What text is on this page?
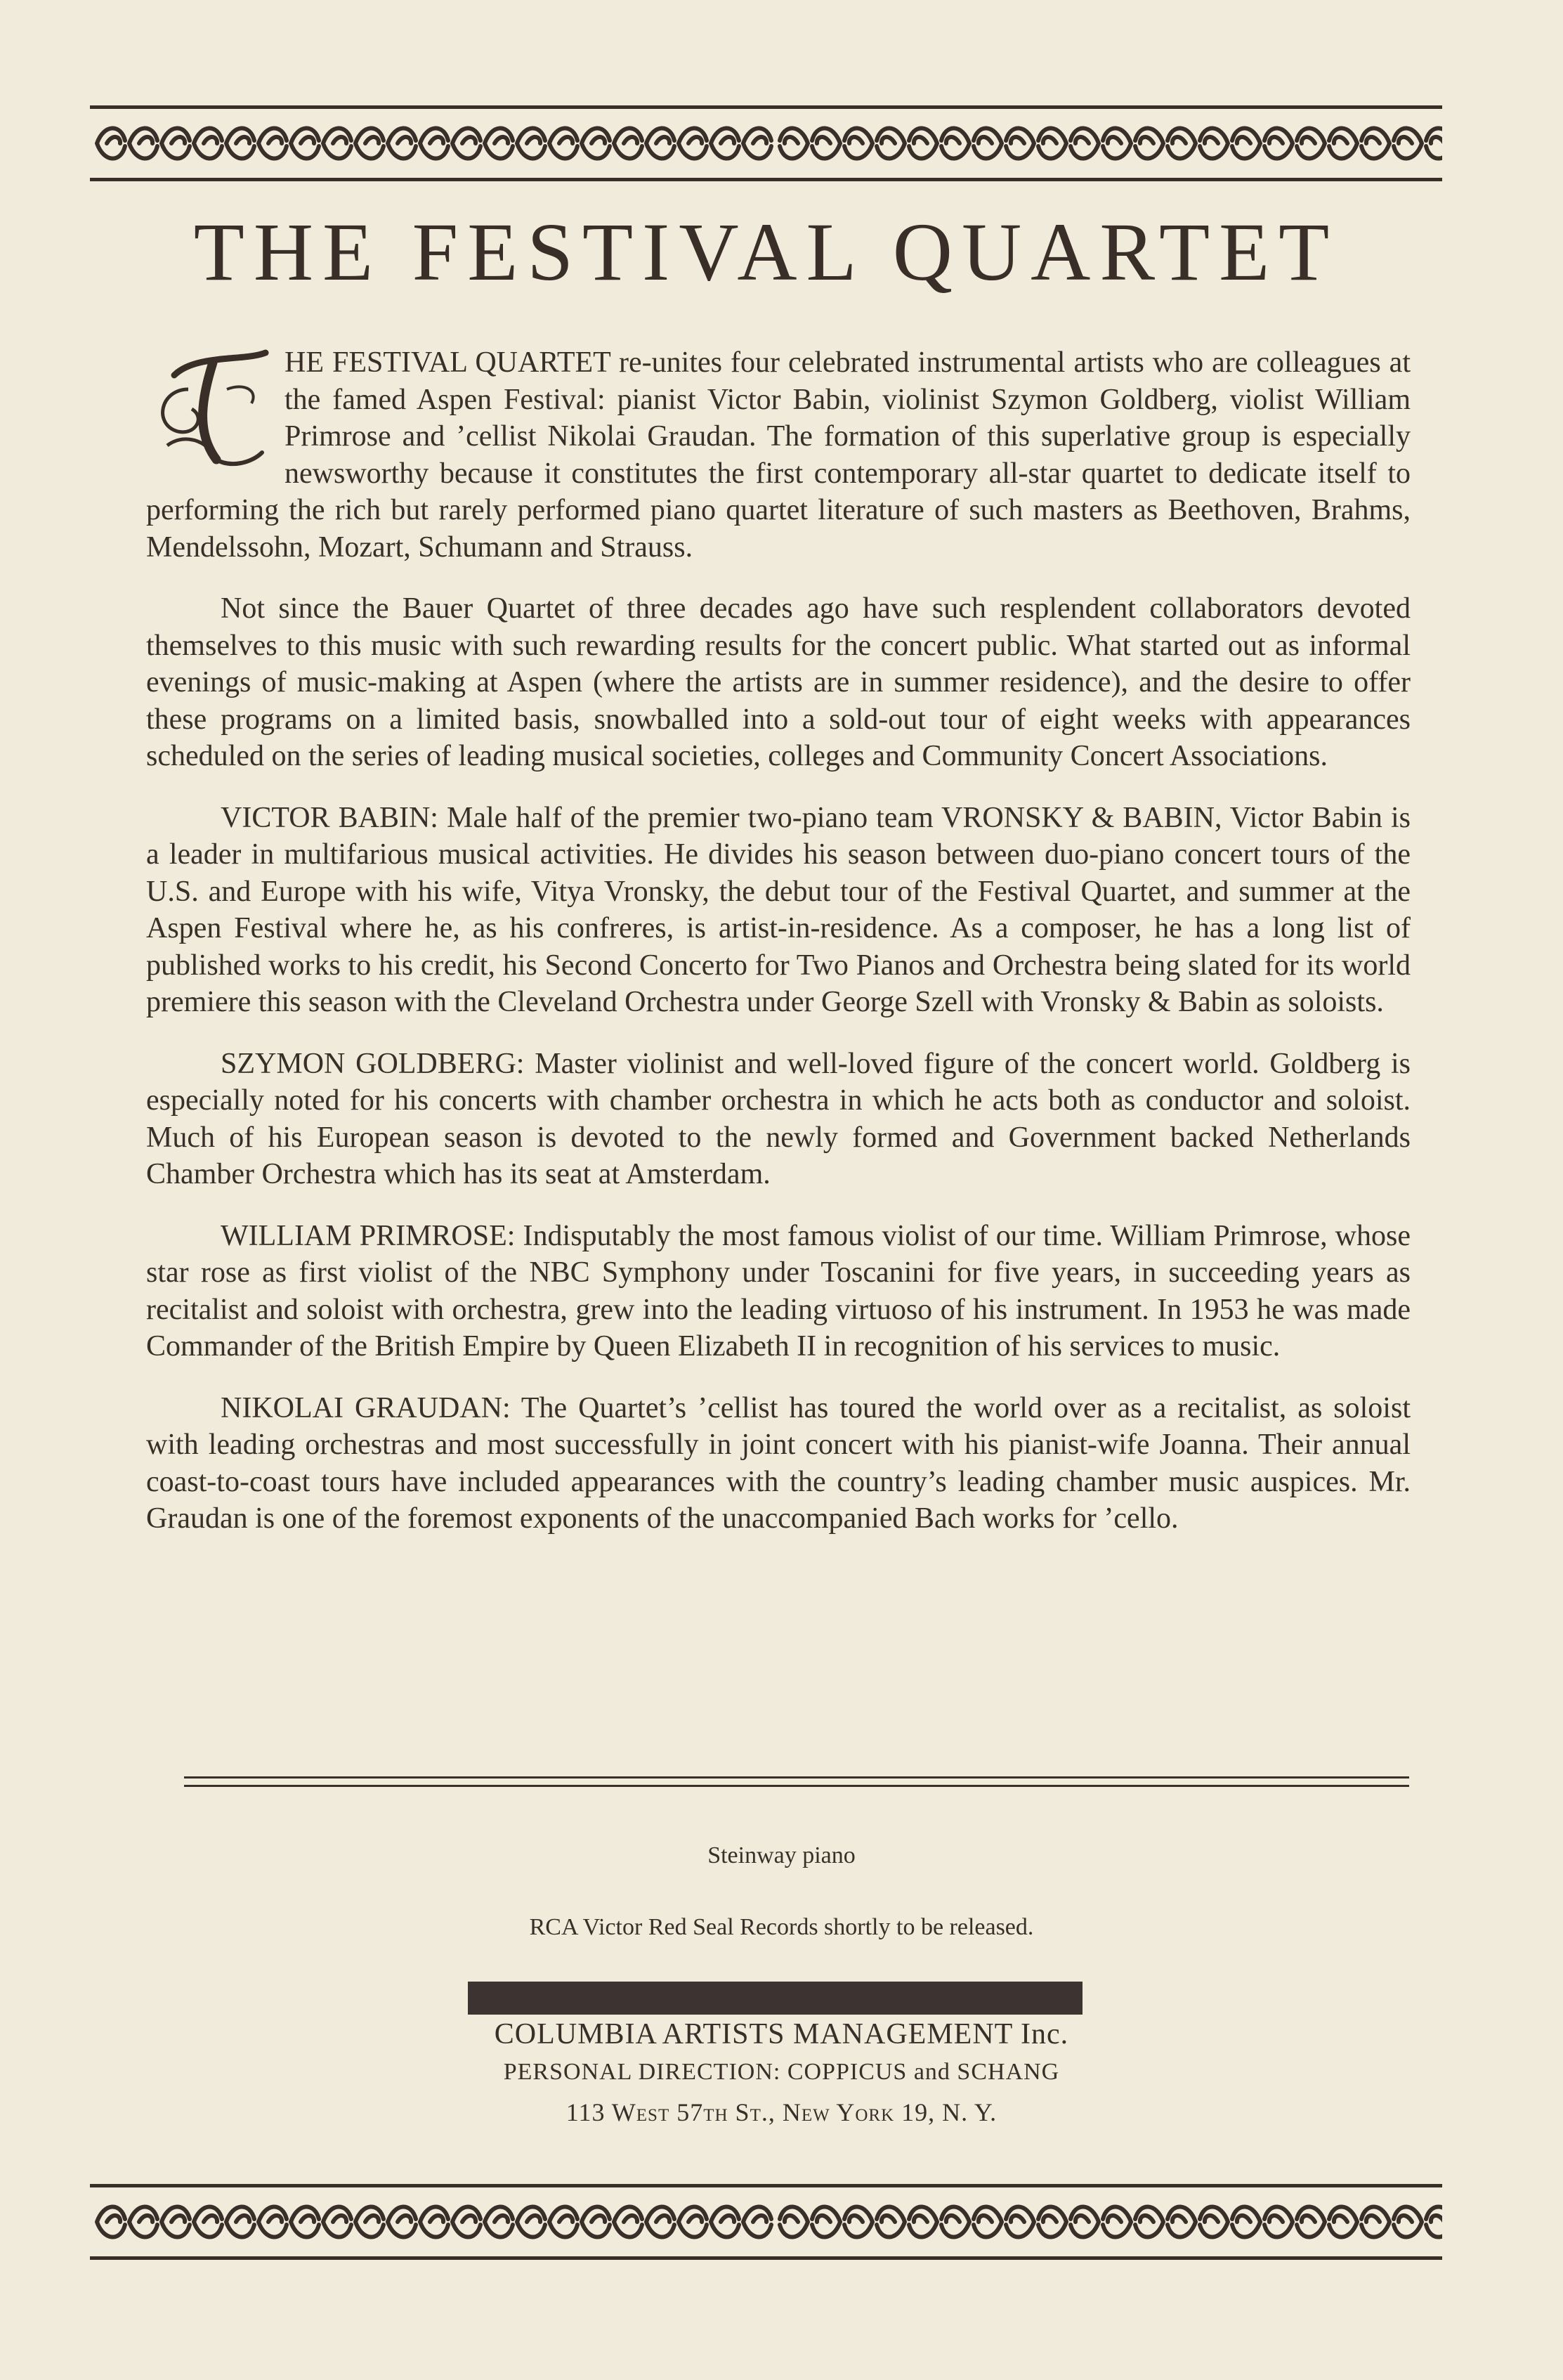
THE FESTIVAL QUARTET

HE FESTIVAL QUARTET re-unites four celebrated instrumental artists who are colleagues at the famed Aspen Festival: pianist Victor Babin, violinist Szymon Goldberg, violist William Primrose and ’cellist Nikolai Graudan. The formation of this superlative group is especially newsworthy because it constitutes the first contemporary all-star quartet to dedicate itself to performing the rich but rarely performed piano quartet literature of such masters as Beethoven, Brahms, Mendelssohn, Mozart, Schumann and Strauss.

Not since the Bauer Quartet of three decades ago have such resplendent collaborators devoted themselves to this music with such rewarding results for the concert public. What started out as informal evenings of music-making at Aspen (where the artists are in summer residence), and the desire to offer these programs on a limited basis, snowballed into a sold-out tour of eight weeks with appearances scheduled on the series of leading musical societies, colleges and Community Concert Associations.

VICTOR BABIN: Male half of the premier two-piano team VRONSKY & BABIN, Victor Babin is a leader in multifarious musical activities. He divides his season between duo-piano concert tours of the U.S. and Europe with his wife, Vitya Vronsky, the debut tour of the Festival Quartet, and summer at the Aspen Festival where he, as his confreres, is artist-in-residence. As a composer, he has a long list of published works to his credit, his Second Concerto for Two Pianos and Orchestra being slated for its world premiere this season with the Cleveland Orchestra under George Szell with Vronsky & Babin as soloists.

SZYMON GOLDBERG: Master violinist and well-loved figure of the concert world. Goldberg is especially noted for his concerts with chamber orchestra in which he acts both as conductor and soloist. Much of his European season is devoted to the newly formed and Government backed Netherlands Chamber Orchestra which has its seat at Amsterdam.

WILLIAM PRIMROSE: Indisputably the most famous violist of our time. William Primrose, whose star rose as first violist of the NBC Symphony under Toscanini for five years, in succeeding years as recitalist and soloist with orchestra, grew into the leading virtuoso of his instrument. In 1953 he was made Commander of the British Empire by Queen Elizabeth II in recognition of his services to music.

NIKOLAI GRAUDAN: The Quartet’s ’cellist has toured the world over as a recitalist, as soloist with leading orchestras and most successfully in joint concert with his pianist-wife Joanna. Their annual coast-to-coast tours have included appearances with the country’s leading chamber music auspices. Mr. Graudan is one of the foremost exponents of the unaccompanied Bach works for ’cello.

Steinway piano
RCA Victor Red Seal Records shortly to be released.
COLUMBIA ARTISTS MANAGEMENT Inc.
PERSONAL DIRECTION: COPPICUS and SCHANG
113 West 57th St., New York 19, N. Y.
